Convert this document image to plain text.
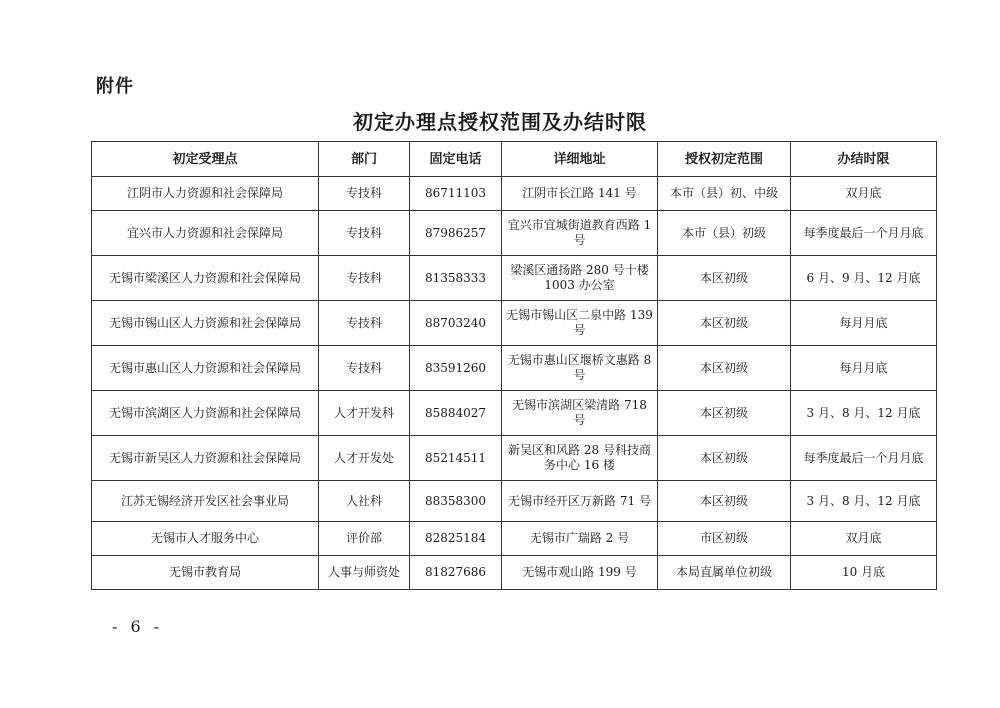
附件
初定办理点授权范围及办结时限
初定受理点	部门	固定电话	详细地址	授权初定范围	办结时限
江阴市人力资源和社会保障局	专技科	86711103	江阴市长江路 141 号	本市（县）初、中级	双月底
宜兴市人力资源和社会保障局	专技科	87986257	宜兴市宜城街道教育西路 1 号	本市（县）初级	每季度最后一个月月底
无锡市梁溪区人力资源和社会保障局	专技科	81358333	梁溪区通扬路 280 号十楼 1003 办公室	本区初级	6 月、9 月、12 月底
无锡市锡山区人力资源和社会保障局	专技科	88703240	无锡市锡山区二泉中路 139 号	本区初级	每月月底
无锡市惠山区人力资源和社会保障局	专技科	83591260	无锡市惠山区堰桥文惠路 8 号	本区初级	每月月底
无锡市滨湖区人力资源和社会保障局	人才开发科	85884027	无锡市滨湖区梁清路 718 号	本区初级	3 月、8 月、12 月底
无锡市新吴区人力资源和社会保障局	人才开发处	85214511	新吴区和风路 28 号科技商务中心 16 楼	本区初级	每季度最后一个月月底
江苏无锡经济开发区社会事业局	人社科	88358300	无锡市经开区万新路 71 号	本区初级	3 月、8 月、12 月底
无锡市人才服务中心	评价部	82825184	无锡市广瑞路 2 号	市区初级	双月底
无锡市教育局	人事与师资处	81827686	无锡市观山路 199 号	本局直属单位初级	10 月底
- 6 -
